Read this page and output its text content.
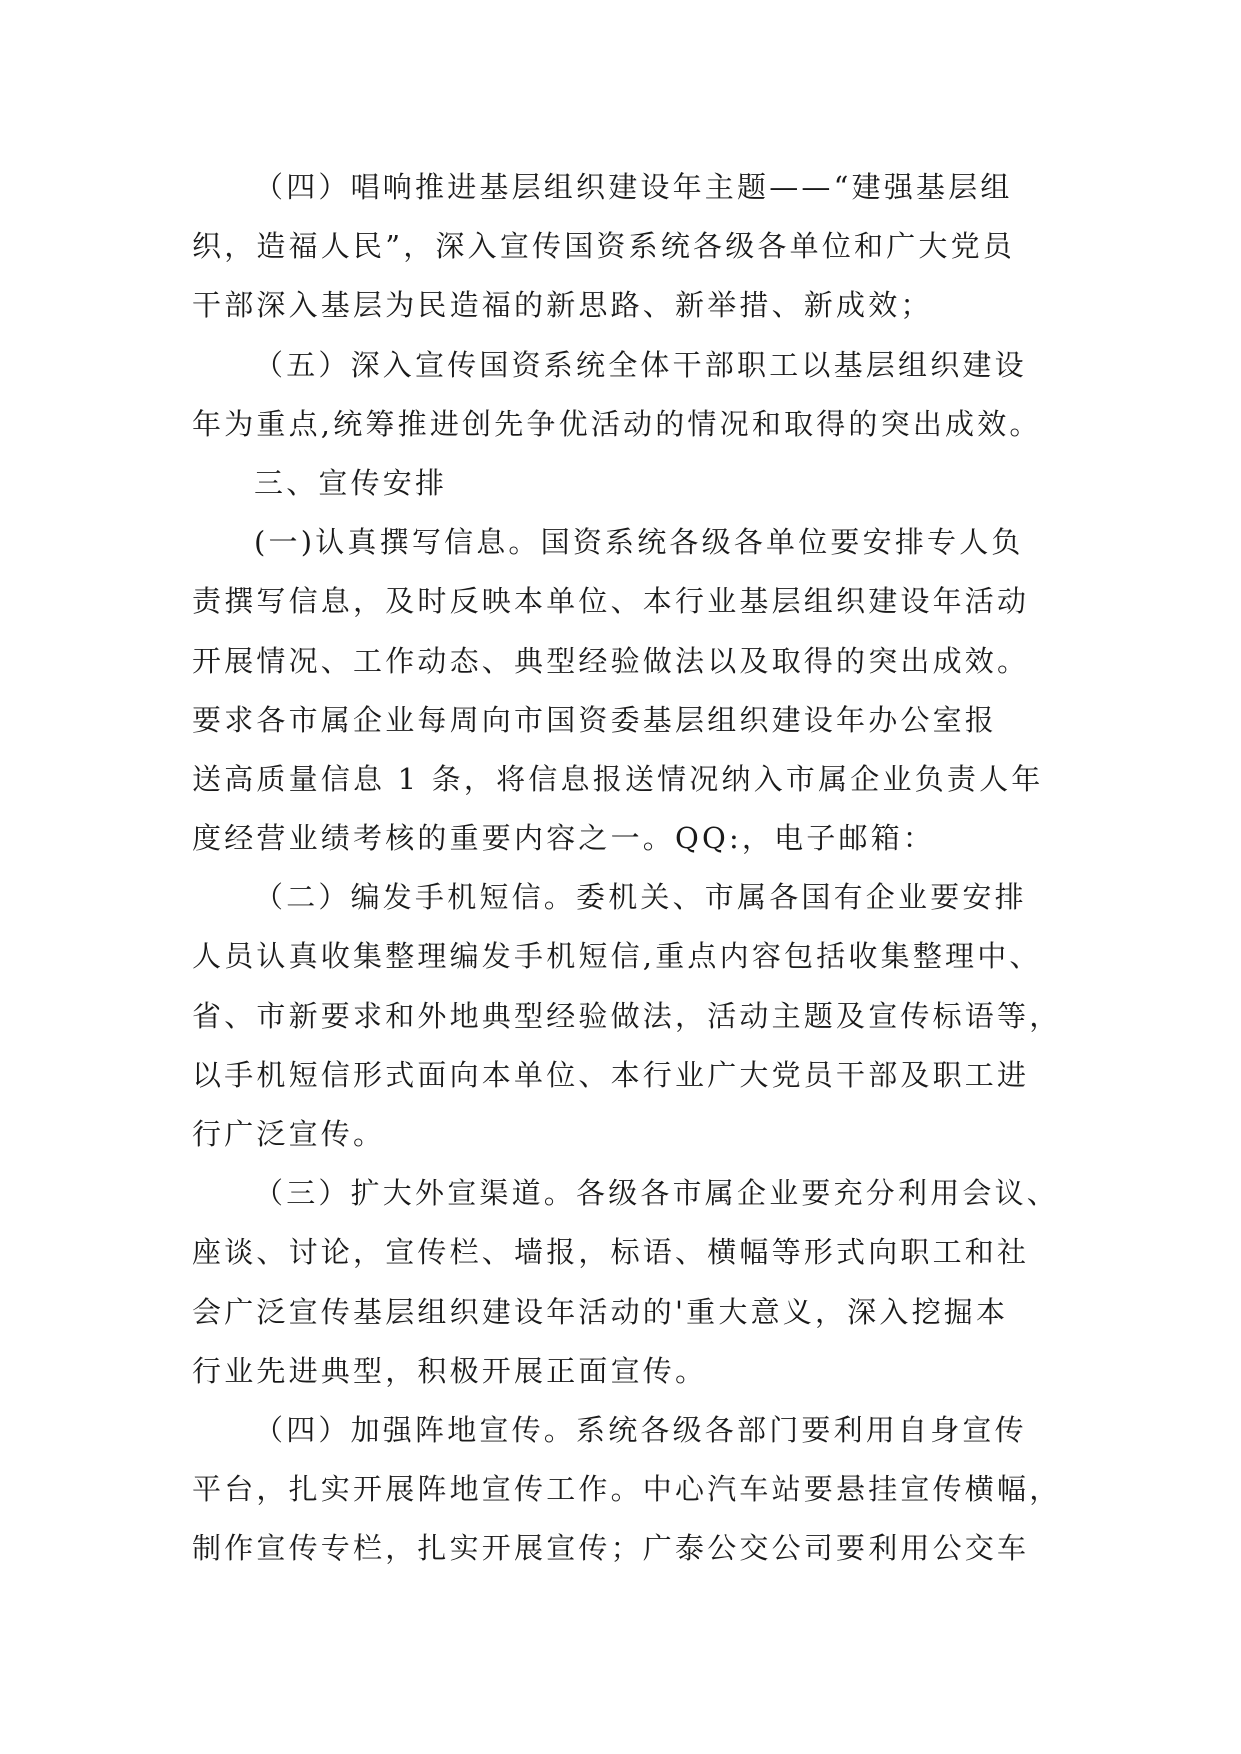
（四）唱响推进基层组织建设年主题——“建强基层组
织，造福人民”，深入宣传国资系统各级各单位和广大党员
干部深入基层为民造福的新思路、新举措、新成效；
（五）深入宣传国资系统全体干部职工以基层组织建设
年为重点,统筹推进创先争优活动的情况和取得的突出成效。
三、宣传安排
(一)认真撰写信息。国资系统各级各单位要安排专人负
责撰写信息，及时反映本单位、本行业基层组织建设年活动
开展情况、工作动态、典型经验做法以及取得的突出成效。
要求各市属企业每周向市国资委基层组织建设年办公室报
送高质量信息 1 条，将信息报送情况纳入市属企业负责人年
度经营业绩考核的重要内容之一。QQ:，电子邮箱：
（二）编发手机短信。委机关、市属各国有企业要安排
人员认真收集整理编发手机短信,重点内容包括收集整理中、
省、市新要求和外地典型经验做法，活动主题及宣传标语等，
以手机短信形式面向本单位、本行业广大党员干部及职工进
行广泛宣传。
（三）扩大外宣渠道。各级各市属企业要充分利用会议、
座谈、讨论，宣传栏、墙报，标语、横幅等形式向职工和社
会广泛宣传基层组织建设年活动的'重大意义，深入挖掘本
行业先进典型，积极开展正面宣传。
（四）加强阵地宣传。系统各级各部门要利用自身宣传
平台，扎实开展阵地宣传工作。中心汽车站要悬挂宣传横幅，
制作宣传专栏，扎实开展宣传；广泰公交公司要利用公交车
